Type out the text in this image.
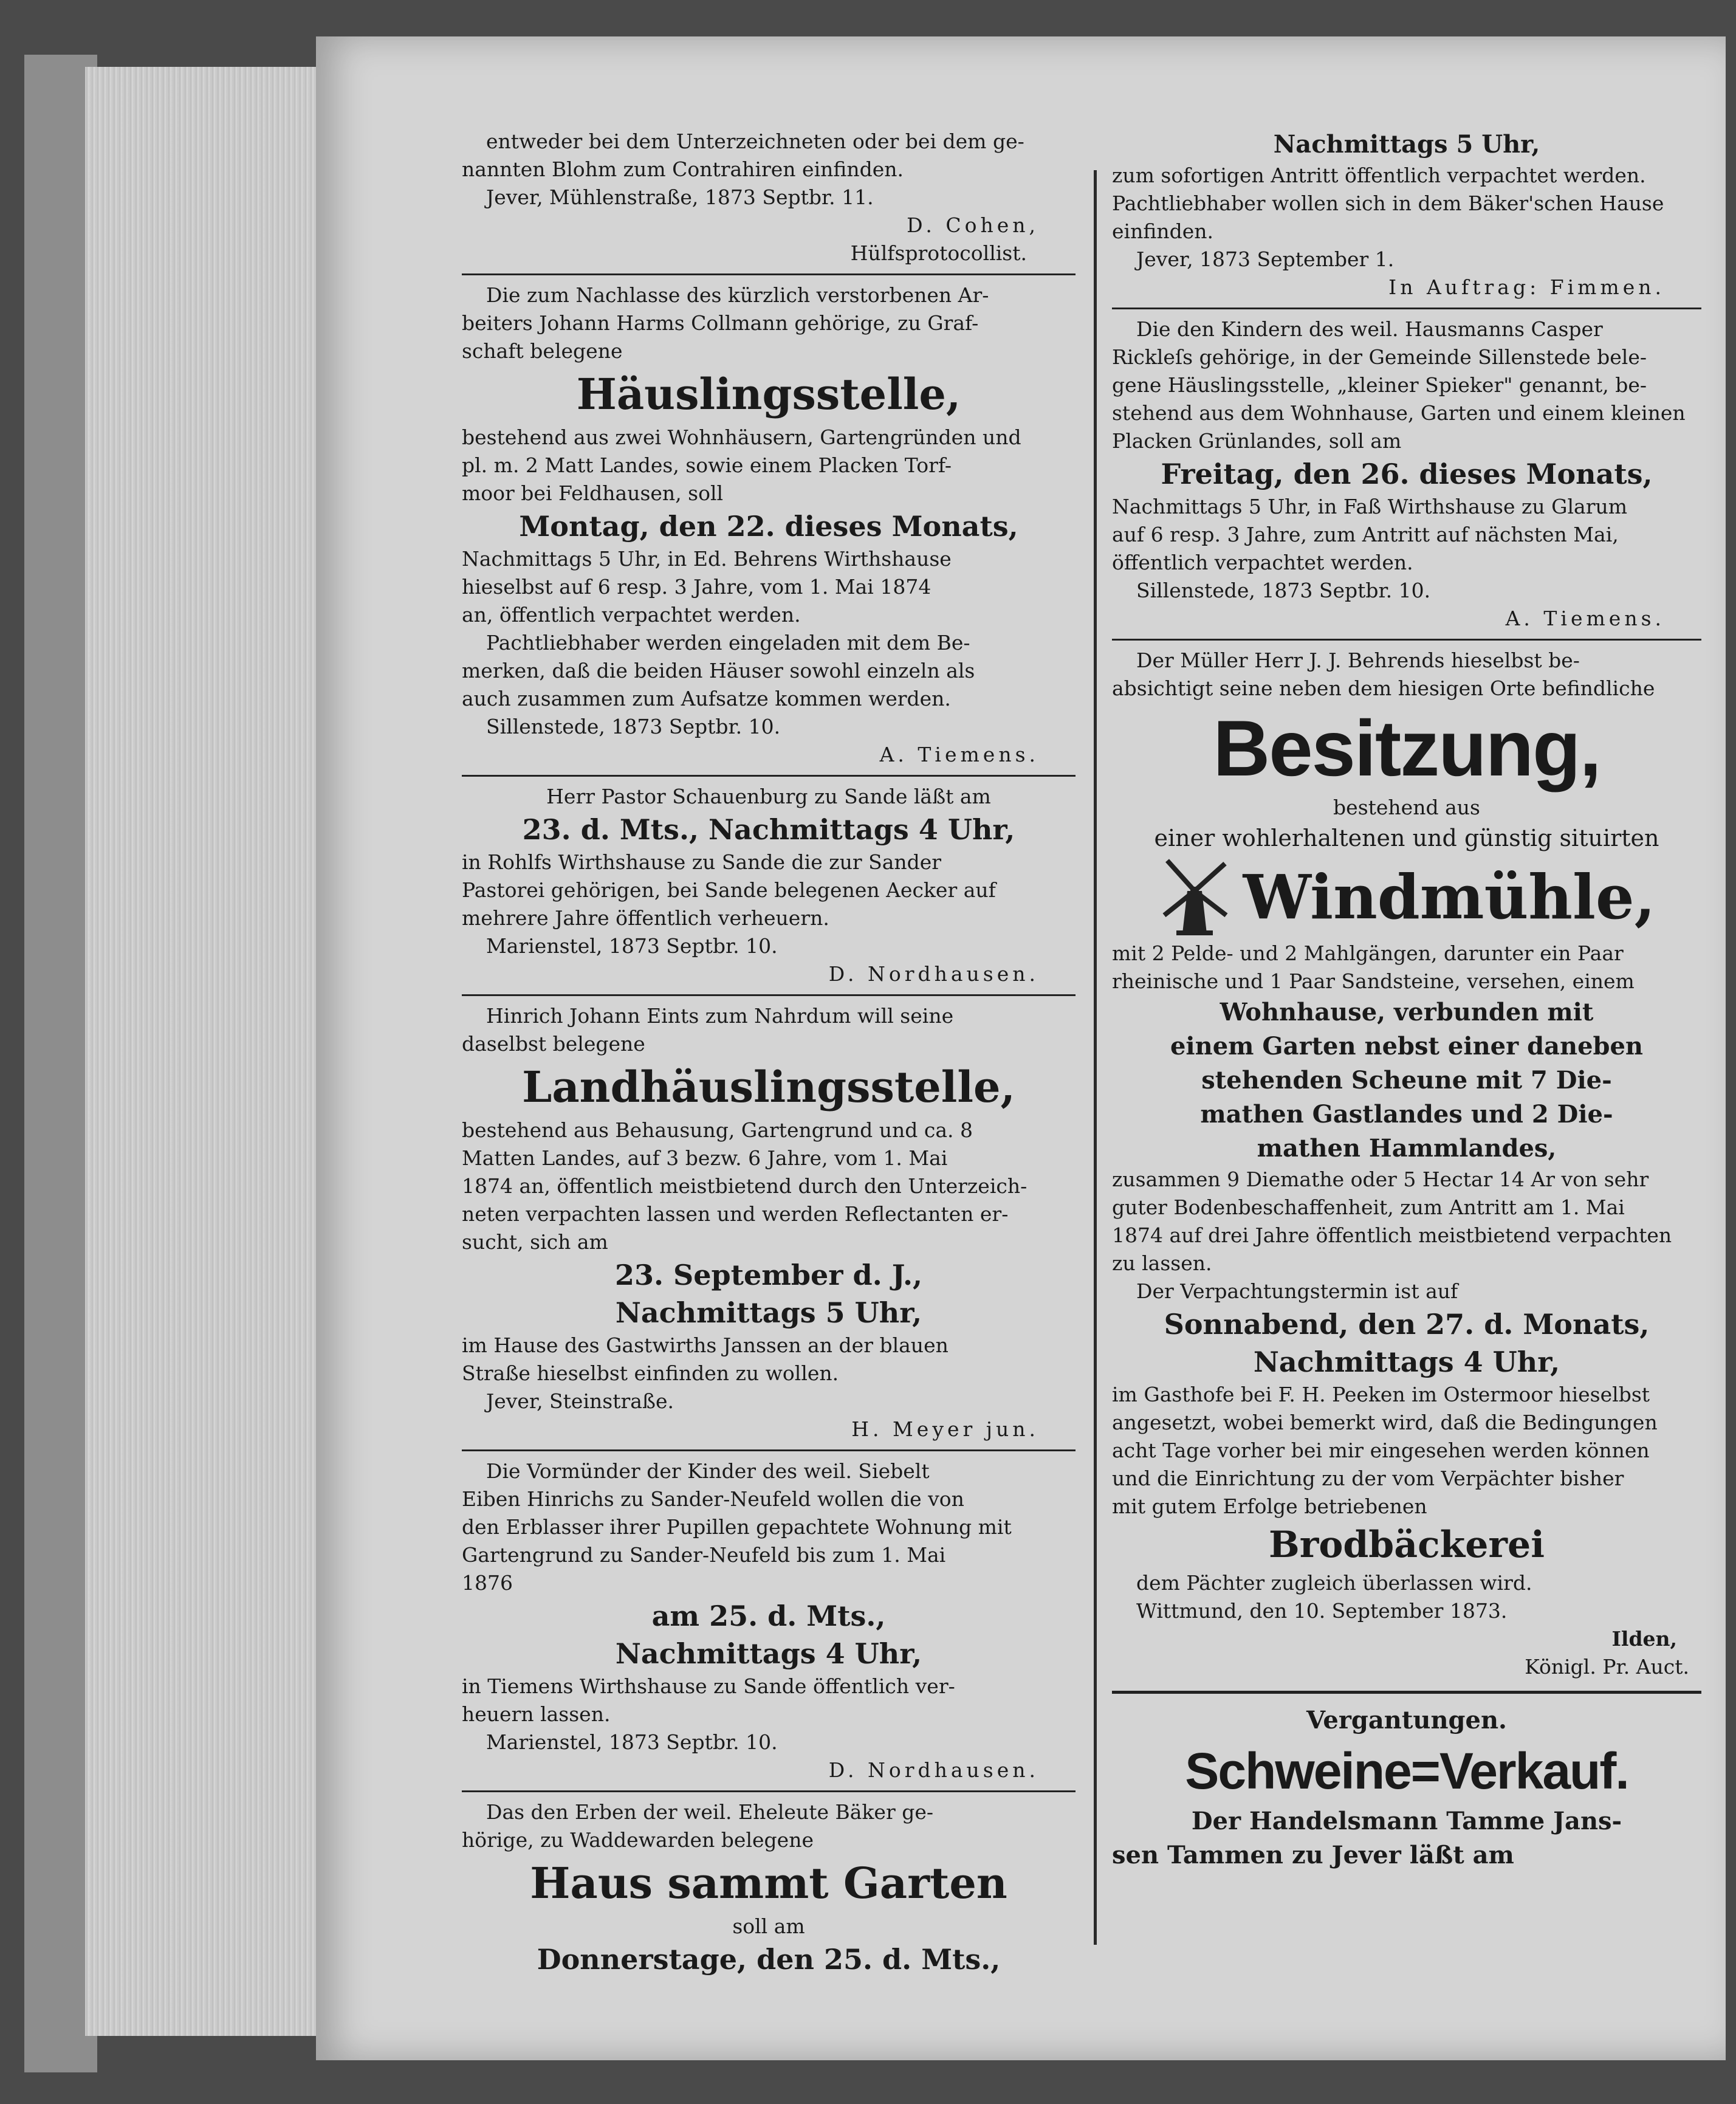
entweder bei dem Unterzeichneten oder bei dem ge-

nannten Blohm zum Contrahiren einfinden.

Jever, Mühlenstraße, 1873 Septbr. 11.

D. Cohen,

Hülfsprotocollist.

Die zum Nachlasse des kürzlich verstorbenen Ar-

beiters Johann Harms Collmann gehörige, zu Graf-

schaft belegene

Häuslingsstelle,

bestehend aus zwei Wohnhäusern, Gartengründen und

pl. m. 2 Matt Landes, sowie einem Placken Torf-

moor bei Feldhausen, soll

Montag, den 22. dieses Monats,

Nachmittags 5 Uhr, in Ed. Behrens Wirthshause

hieselbst auf 6 resp. 3 Jahre, vom 1. Mai 1874

an, öffentlich verpachtet werden.

Pachtliebhaber werden eingeladen mit dem Be-

merken, daß die beiden Häuser sowohl einzeln als

auch zusammen zum Aufsatze kommen werden.

Sillenstede, 1873 Septbr. 10.

A. Tiemens.

Herr Pastor Schauenburg zu Sande läßt am

23. d. Mts., Nachmittags 4 Uhr,

in Rohlfs Wirthshause zu Sande die zur Sander

Pastorei gehörigen, bei Sande belegenen Aecker auf

mehrere Jahre öffentlich verheuern.

Marienstel, 1873 Septbr. 10.

D. Nordhausen.

Hinrich Johann Eints zum Nahrdum will seine

daselbst belegene

Landhäuslingsstelle,

bestehend aus Behausung, Gartengrund und ca. 8

Matten Landes, auf 3 bezw. 6 Jahre, vom 1. Mai

1874 an, öffentlich meistbietend durch den Unterzeich-

neten verpachten lassen und werden Reflectanten er-

sucht, sich am

23. September d. J.,
Nachmittags 5 Uhr,

im Hause des Gastwirths Janssen an der blauen

Straße hieselbst einfinden zu wollen.

Jever, Steinstraße.

H. Meyer jun.

Die Vormünder der Kinder des weil. Siebelt

Eiben Hinrichs zu Sander-Neufeld wollen die von

den Erblasser ihrer Pupillen gepachtete Wohnung mit

Gartengrund zu Sander-Neufeld bis zum 1. Mai

1876

am 25. d. Mts.,
Nachmittags 4 Uhr,

in Tiemens Wirthshause zu Sande öffentlich ver-

heuern lassen.

Marienstel, 1873 Septbr. 10.

D. Nordhausen.

Das den Erben der weil. Eheleute Bäker ge-

hörige, zu Waddewarden belegene

Haus sammt Garten

soll am

Donnerstage, den 25. d. Mts.,
Nachmittags 5 Uhr,

zum sofortigen Antritt öffentlich verpachtet werden.

Pachtliebhaber wollen sich in dem Bäker'schen Hause

einfinden.

Jever, 1873 September 1.

In Auftrag: Fimmen.

Die den Kindern des weil. Hausmanns Casper

Rickleſs gehörige, in der Gemeinde Sillenstede bele-

gene Häuslingsstelle, „kleiner Spieker" genannt, be-

stehend aus dem Wohnhause, Garten und einem kleinen

Placken Grünlandes, soll am

Freitag, den 26. dieses Monats,

Nachmittags 5 Uhr, in Faß Wirthshause zu Glarum

auf 6 resp. 3 Jahre, zum Antritt auf nächsten Mai,

öffentlich verpachtet werden.

Sillenstede, 1873 Septbr. 10.

A. Tiemens.

Der Müller Herr J. J. Behrends hieselbst be-

absichtigt seine neben dem hiesigen Orte befindliche

Besitzung,

bestehend aus

einer wohlerhaltenen und günstig situirten

Windmühle,

mit 2 Pelde- und 2 Mahlgängen, darunter ein Paar

rheinische und 1 Paar Sandsteine, versehen, einem

Wohnhause, verbunden mit
einem Garten nebst einer daneben
stehenden Scheune mit 7 Die-
mathen Gastlandes und 2 Die-
mathen Hammlandes,

zusammen 9 Diemathe oder 5 Hectar 14 Ar von sehr

guter Bodenbeschaffenheit, zum Antritt am 1. Mai

1874 auf drei Jahre öffentlich meistbietend verpachten

zu lassen.

Der Verpachtungstermin ist auf

Sonnabend, den 27. d. Monats,
Nachmittags 4 Uhr,

im Gasthofe bei F. H. Peeken im Ostermoor hieselbst

angesetzt, wobei bemerkt wird, daß die Bedingungen

acht Tage vorher bei mir eingesehen werden können

und die Einrichtung zu der vom Verpächter bisher

mit gutem Erfolge betriebenen

Brodbäckerei

dem Pächter zugleich überlassen wird.

Wittmund, den 10. September 1873.

Ilden,

Königl. Pr. Auct.

Vergantungen.
Schweine=Verkauf.
Der Handelsmann Tamme Jans-
sen Tammen zu Jever läßt am
